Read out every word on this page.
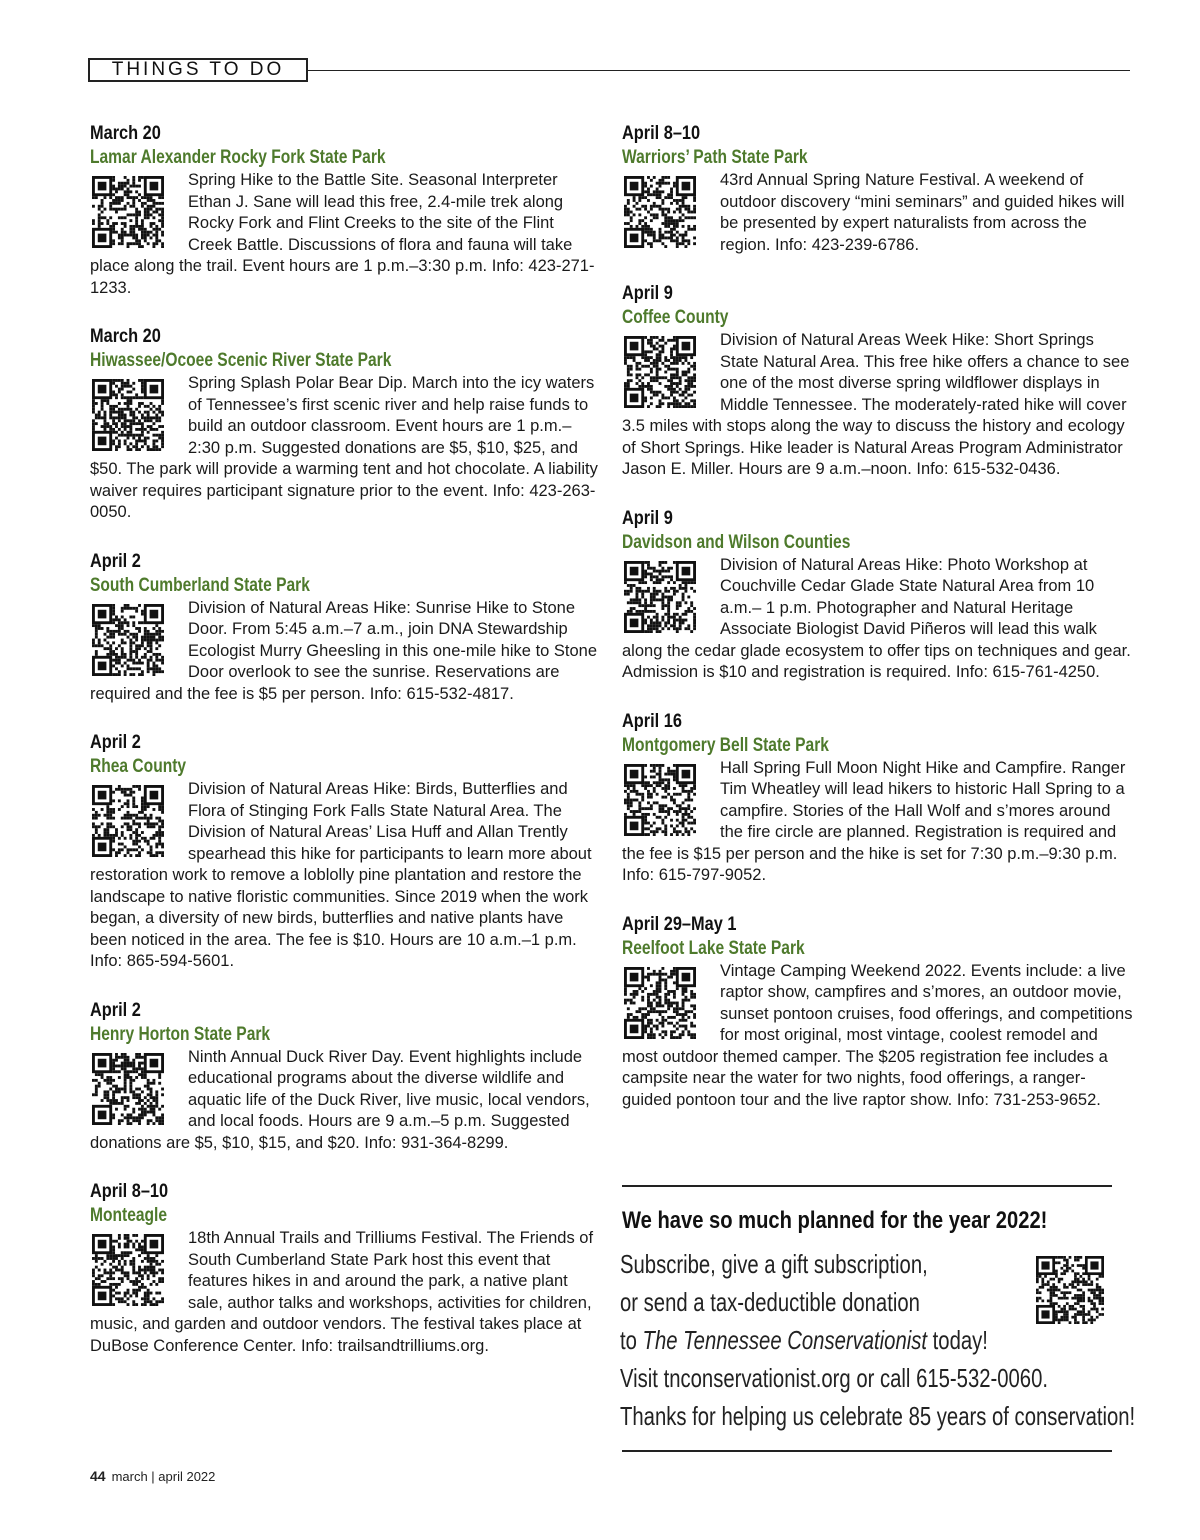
THINGS TO DO
March 20
Lamar Alexander Rocky Fork State Park
Spring Hike to the Battle Site. Seasonal Interpreter Ethan J. Sane will lead this free, 2.4-mile trek along Rocky Fork and Flint Creeks to the site of the Flint Creek Battle. Discussions of flora and fauna will take place along the trail. Event hours are 1 p.m.–3:30 p.m. Info: 423-271-1233.
March 20
Hiwassee/Ocoee Scenic River State Park
Spring Splash Polar Bear Dip. March into the icy waters of Tennessee’s first scenic river and help raise funds to build an outdoor classroom. Event hours are 1 p.m.–2:30 p.m. Suggested donations are $5, $10, $25, and $50. The park will provide a warming tent and hot chocolate. A liability waiver requires participant signature prior to the event. Info: 423-263-0050.
April 2
South Cumberland State Park
Division of Natural Areas Hike: Sunrise Hike to Stone Door. From 5:45 a.m.–7 a.m., join DNA Stewardship Ecologist Murry Gheesling in this one-mile hike to Stone Door overlook to see the sunrise. Reservations are required and the fee is $5 per person. Info: 615-532-4817.
April 2
Rhea County
Division of Natural Areas Hike: Birds, Butterflies and Flora of Stinging Fork Falls State Natural Area. The Division of Natural Areas’ Lisa Huff and Allan Trently spearhead this hike for participants to learn more about restoration work to remove a loblolly pine plantation and restore the landscape to native floristic communities. Since 2019 when the work began, a diversity of new birds, butterflies and native plants have been noticed in the area. The fee is $10. Hours are 10 a.m.–1 p.m. Info: 865-594-5601.
April 2
Henry Horton State Park
Ninth Annual Duck River Day. Event highlights include educational programs about the diverse wildlife and aquatic life of the Duck River, live music, local vendors, and local foods. Hours are 9 a.m.–5 p.m. Suggested donations are $5, $10, $15, and $20. Info: 931-364-8299.
April 8–10
Monteagle
18th Annual Trails and Trilliums Festival. The Friends of South Cumberland State Park host this event that features hikes in and around the park, a native plant sale, author talks and workshops, activities for children, music, and garden and outdoor vendors. The festival takes place at DuBose Conference Center. Info: trailsandtrilliums.org.
April 8–10
Warriors’ Path State Park
43rd Annual Spring Nature Festival. A weekend of outdoor discovery “mini seminars” and guided hikes will be presented by expert naturalists from across the region. Info: 423-239-6786.
April 9
Coffee County
Division of Natural Areas Week Hike: Short Springs State Natural Area. This free hike offers a chance to see one of the most diverse spring wildflower displays in Middle Tennessee. The moderately-rated hike will cover 3.5 miles with stops along the way to discuss the history and ecology of Short Springs. Hike leader is Natural Areas Program Administrator Jason E. Miller. Hours are 9 a.m.–noon. Info: 615-532-0436.
April 9
Davidson and Wilson Counties
Division of Natural Areas Hike: Photo Workshop at Couchville Cedar Glade State Natural Area from 10 a.m.– 1 p.m. Photographer and Natural Heritage Associate Biologist David Piñeros will lead this walk along the cedar glade ecosystem to offer tips on techniques and gear. Admission is $10 and registration is required. Info: 615-761-4250.
April 16
Montgomery Bell State Park
Hall Spring Full Moon Night Hike and Campfire. Ranger Tim Wheatley will lead hikers to historic Hall Spring to a campfire. Stories of the Hall Wolf and s’mores around the fire circle are planned. Registration is required and the fee is $15 per person and the hike is set for 7:30 p.m.–9:30 p.m. Info: 615-797-9052.
April 29–May 1
Reelfoot Lake State Park
Vintage Camping Weekend 2022. Events include: a live raptor show, campfires and s’mores, an outdoor movie, sunset pontoon cruises, food offerings, and competitions for most original, most vintage, coolest remodel and most outdoor themed camper. The $205 registration fee includes a campsite near the water for two nights, food offerings, a ranger-guided pontoon tour and the live raptor show. Info: 731-253-9652.
We have so much planned for the year 2022!
Subscribe, give a gift subscription,
or send a tax-deductible donation
to The Tennessee Conservationist today!
Visit tnconservationist.org or call 615-532-0060.
Thanks for helping us celebrate 85 years of conservation!
44 march | april 2022
